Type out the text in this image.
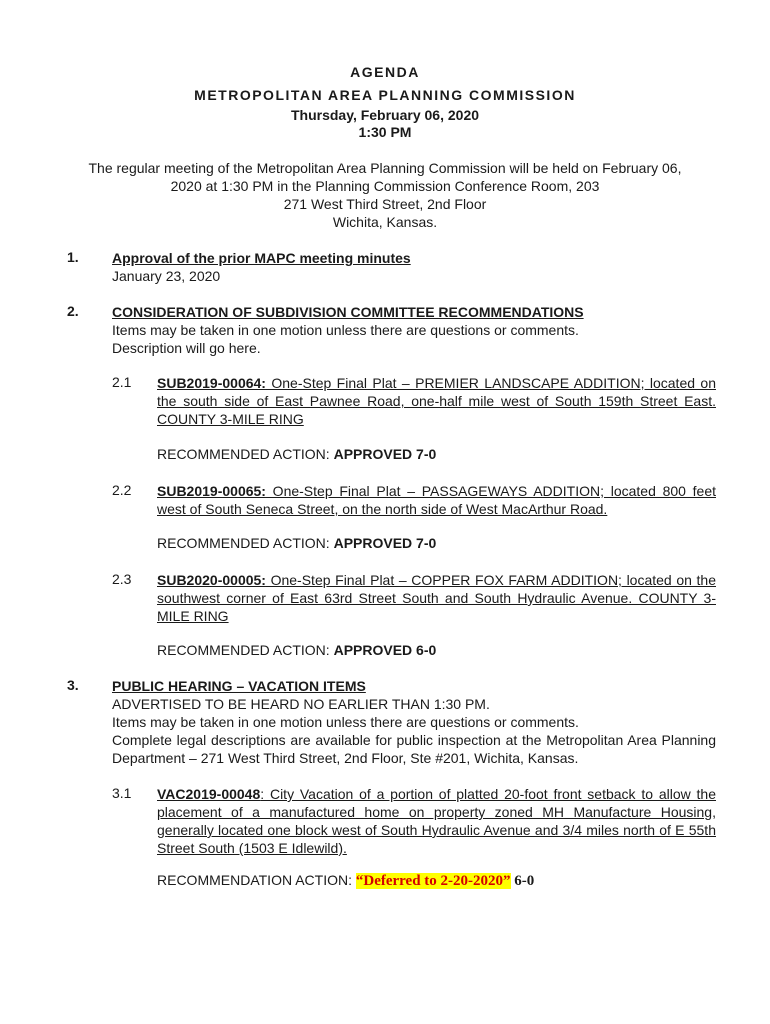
AGENDA
METROPOLITAN AREA PLANNING COMMISSION
Thursday, February 06, 2020
1:30 PM
The regular meeting of the Metropolitan Area Planning Commission will be held on February 06,
2020 at 1:30 PM in the Planning Commission Conference Room, 203
271 West Third Street, 2nd Floor
Wichita, Kansas.
1. Approval of the prior MAPC meeting minutes
January 23, 2020
2. CONSIDERATION OF SUBDIVISION COMMITTEE RECOMMENDATIONS
Items may be taken in one motion unless there are questions or comments.
Description will go here.
2.1 SUB2019-00064: One-Step Final Plat – PREMIER LANDSCAPE ADDITION; located on the south side of East Pawnee Road, one-half mile west of South 159th Street East. COUNTY 3-MILE RING
RECOMMENDED ACTION: APPROVED 7-0
2.2 SUB2019-00065: One-Step Final Plat – PASSAGEWAYS ADDITION; located 800 feet west of South Seneca Street, on the north side of West MacArthur Road.
RECOMMENDED ACTION: APPROVED 7-0
2.3 SUB2020-00005: One-Step Final Plat – COPPER FOX FARM ADDITION; located on the southwest corner of East 63rd Street South and South Hydraulic Avenue. COUNTY 3-MILE RING
RECOMMENDED ACTION: APPROVED 6-0
3. PUBLIC HEARING – VACATION ITEMS
ADVERTISED TO BE HEARD NO EARLIER THAN 1:30 PM.
Items may be taken in one motion unless there are questions or comments.
Complete legal descriptions are available for public inspection at the Metropolitan Area Planning Department – 271 West Third Street, 2nd Floor, Ste #201, Wichita, Kansas.
3.1 VAC2019-00048: City Vacation of a portion of platted 20-foot front setback to allow the placement of a manufactured home on property zoned MH Manufacture Housing, generally located one block west of South Hydraulic Avenue and 3/4 miles north of E 55th Street South (1503 E Idlewild).
RECOMMENDATION ACTION: “Deferred to 2-20-2020” 6-0
